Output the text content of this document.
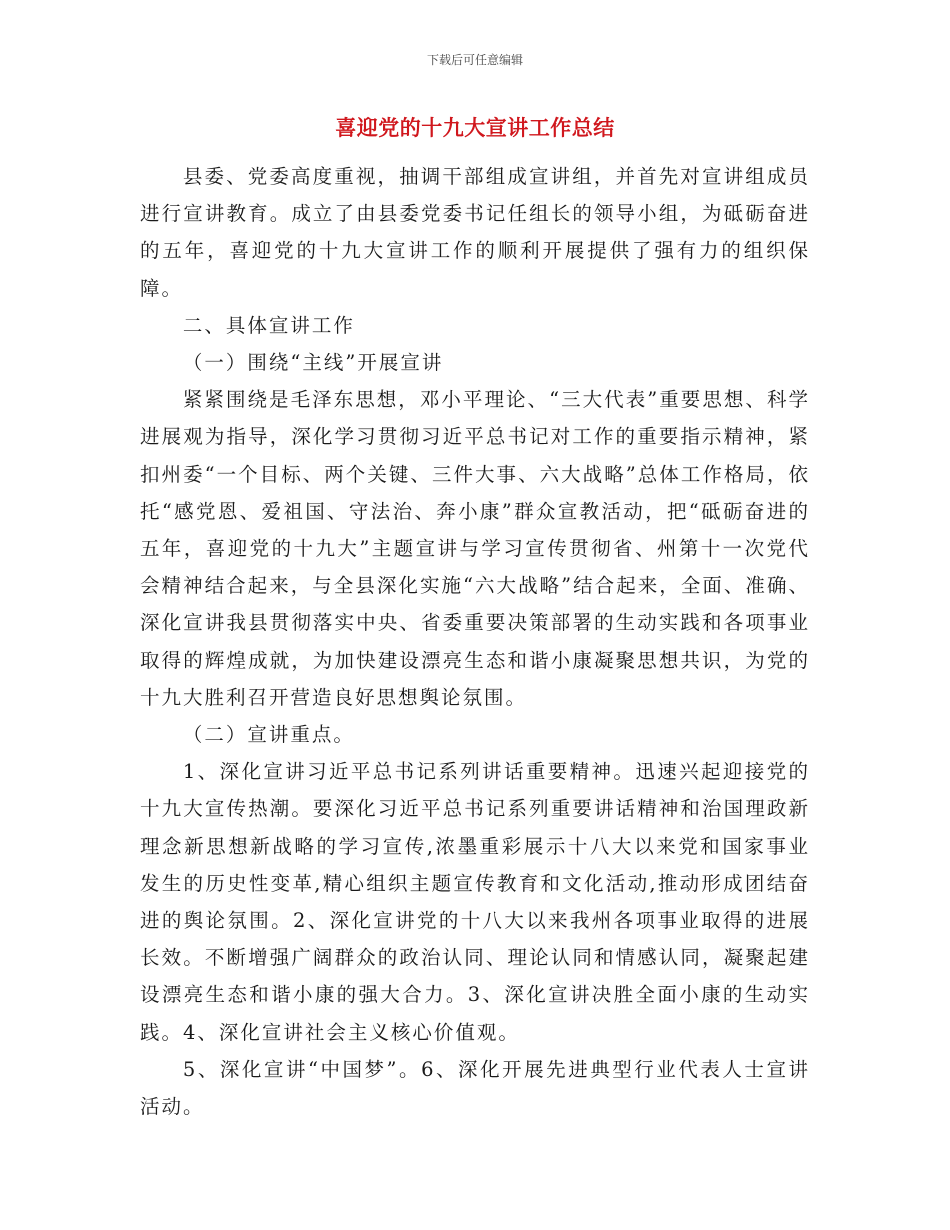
下载后可任意编辑
喜迎党的十九大宣讲工作总结

县委、党委高度重视，抽调干部组成宣讲组，并首先对宣讲组成员进行宣讲教育。成立了由县委党委书记任组长的领导小组，为砥砺奋进的五年，喜迎党的十九大宣讲工作的顺利开展提供了强有力的组织保障。

二、具体宣讲工作

（一）围绕“主线”开展宣讲

紧紧围绕是毛泽东思想，邓小平理论、“三大代表”重要思想、科学进展观为指导，深化学习贯彻习近平总书记对工作的重要指示精神，紧扣州委“一个目标、两个关键、三件大事、六大战略”总体工作格局，依托“感党恩、爱祖国、守法治、奔小康”群众宣教活动，把“砥砺奋进的五年，喜迎党的十九大”主题宣讲与学习宣传贯彻省、州第十一次党代会精神结合起来，与全县深化实施“六大战略”结合起来，全面、准确、深化宣讲我县贯彻落实中央、省委重要决策部署的生动实践和各项事业取得的辉煌成就，为加快建设漂亮生态和谐小康凝聚思想共识，为党的十九大胜利召开营造良好思想舆论氛围。

（二）宣讲重点。

1、深化宣讲习近平总书记系列讲话重要精神。迅速兴起迎接党的十九大宣传热潮。要深化习近平总书记系列重要讲话精神和治国理政新理念新思想新战略的学习宣传,浓墨重彩展示十八大以来党和国家事业发生的历史性变革,精心组织主题宣传教育和文化活动,推动形成团结奋进的舆论氛围。2、深化宣讲党的十八大以来我州各项事业取得的进展长效。不断增强广阔群众的政治认同、理论认同和情感认同，凝聚起建设漂亮生态和谐小康的强大合力。3、深化宣讲决胜全面小康的生动实践。4、深化宣讲社会主义核心价值观。

5、深化宣讲“中国梦”。6、深化开展先进典型行业代表人士宣讲活动。
